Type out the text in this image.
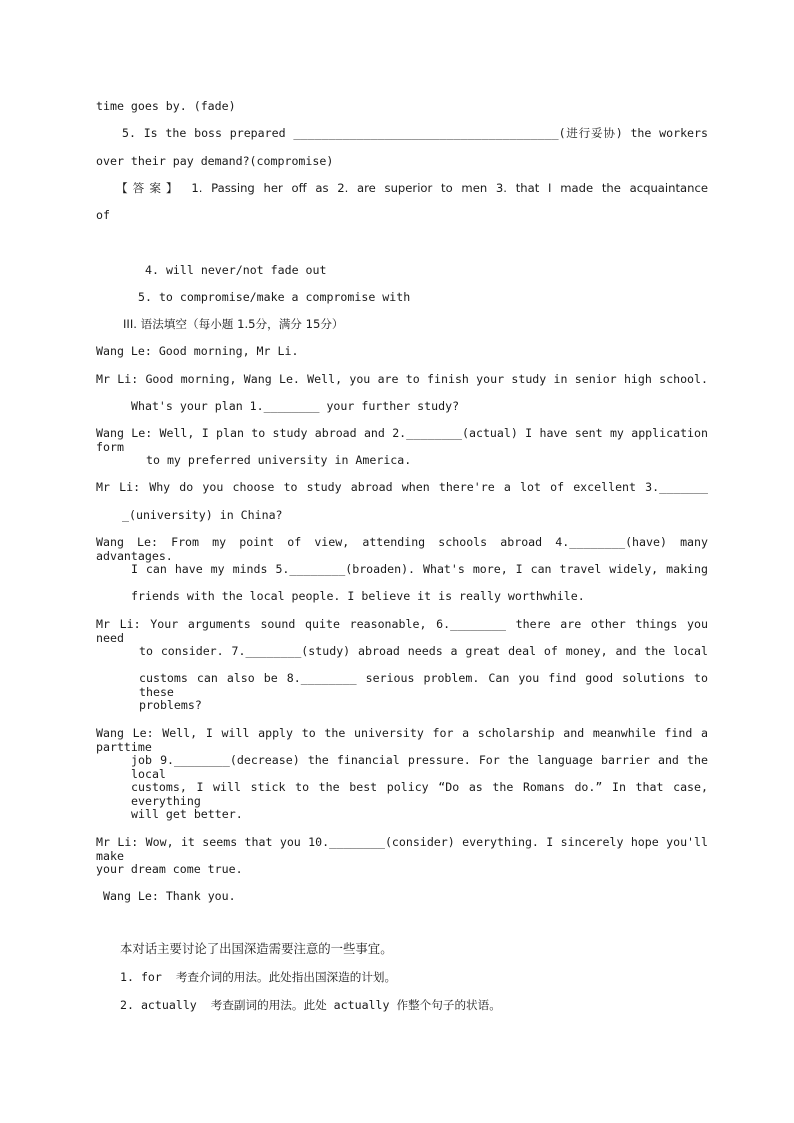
time goes by. (fade)
5. Is the boss prepared ______________________________________(进行妥协) the workers
over their pay demand?(compromise)
【答案】 1. Passing her off as 2. are superior to men 3. that I made the acquaintance
of
4. will never/not fade out
5. to compromise/make a compromise with
III. 语法填空（每小题 1.5分，满分 15分）
Wang Le: Good morning, Mr Li.
Mr Li: Good morning, Wang Le. Well, you are to finish your study in senior high school.
What's your plan 1.________ your further study?
Wang Le: Well, I plan to study abroad and 2.________(actual) I have sent my application form
to my preferred university in America.
Mr Li: Why do you choose to study abroad when there're a lot of excellent 3._______
_(university) in China?
Wang Le: From my point of view, attending schools abroad 4.________(have) many advantages.
I can have my minds 5.________(broaden). What's more, I can travel widely, making
friends with the local people. I believe it is really worthwhile.
Mr Li: Your arguments sound quite reasonable, 6.________ there are other things you need
to consider. 7.________(study) abroad needs a great deal of money, and the local
customs can also be 8.________ serious problem. Can you find good solutions to these
problems?
Wang Le: Well, I will apply to the university for a scholarship and meanwhile find a parttime
job 9.________(decrease) the financial pressure. For the language barrier and the local
customs, I will stick to the best policy “Do as the Romans do.” In that case, everything
will get better.
Mr Li: Wow, it seems that you 10.________(consider) everything. I sincerely hope you'll make
your dream come true.
Wang Le: Thank you.
本对话主要讨论了出国深造需要注意的一些事宜。
1. for  考查介词的用法。此处指出国深造的计划。
2. actually  考查副词的用法。此处 actually 作整个句子的状语。
